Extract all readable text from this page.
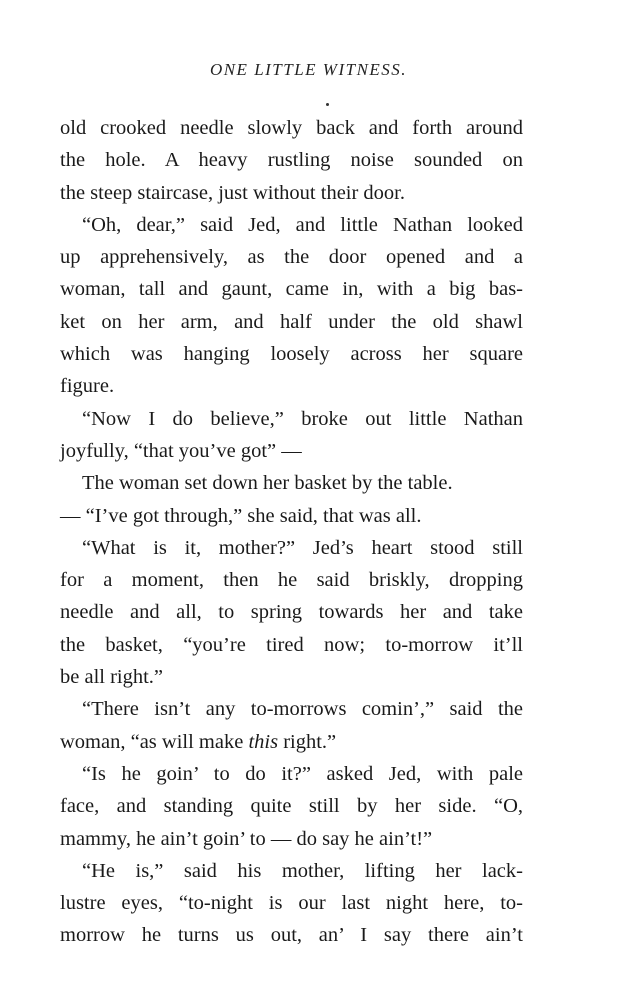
ONE LITTLE WITNESS.
old crooked needle slowly back and forth around
the hole. A heavy rustling noise sounded on
the steep staircase, just without their door.
“Oh, dear,” said Jed, and little Nathan looked
up apprehensively, as the door opened and a
woman, tall and gaunt, came in, with a big bas-
ket on her arm, and half under the old shawl
which was hanging loosely across her square
figure.
“Now I do believe,” broke out little Nathan
joyfully, “that you’ve got” —
The woman set down her basket by the table.
— “I’ve got through,” she said, that was all.
“What is it, mother?” Jed’s heart stood still
for a moment, then he said briskly, dropping
needle and all, to spring towards her and take
the basket, “you’re tired now; to-morrow it’ll
be all right.”
“There isn’t any to-morrows comin’,” said the
woman, “as will make this right.”
“Is he goin’ to do it?” asked Jed, with pale
face, and standing quite still by her side. “O,
mammy, he ain’t goin’ to — do say he ain’t!”
“He is,” said his mother, lifting her lack-
lustre eyes, “to-night is our last night here, to-
morrow he turns us out, an’ I say there ain’t
